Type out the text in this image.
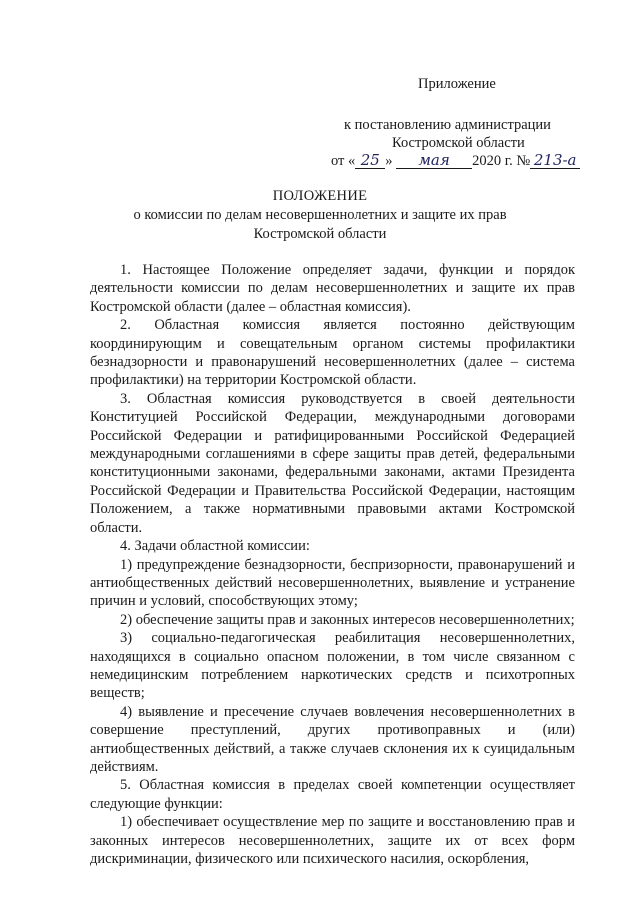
Приложение
к постановлению администрации
Костромской области
от « 25 » мая 2020 г. № 213-а
ПОЛОЖЕНИЕ
о комиссии по делам несовершеннолетних и защите их прав
Костромской области

1. Настоящее Положение определяет задачи, функции и порядок деятельности комиссии по делам несовершеннолетних и защите их прав Костромской области (далее – областная комиссия).

2. Областная комиссия является постоянно действующим координирующим и совещательным органом системы профилактики безнадзорности и правонарушений несовершеннолетних (далее – система профилактики) на территории Костромской области.

3. Областная комиссия руководствуется в своей деятельности Конституцией Российской Федерации, международными договорами Российской Федерации и ратифицированными Российской Федерацией международными соглашениями в сфере защиты прав детей, федеральными конституционными законами, федеральными законами, актами Президента Российской Федерации и Правительства Российской Федерации, настоящим Положением, а также нормативными правовыми актами Костромской области.

4. Задачи областной комиссии:

1) предупреждение безнадзорности, беспризорности, правонарушений и антиобщественных действий несовершеннолетних, выявление и устранение причин и условий, способствующих этому;

2) обеспечение защиты прав и законных интересов несовершеннолетних;

3) социально-педагогическая реабилитация несовершеннолетних, находящихся в социально опасном положении, в том числе связанном с немедицинским потреблением наркотических средств и психотропных веществ;

4) выявление и пресечение случаев вовлечения несовершеннолетних в совершение преступлений, других противоправных и (или) антиобщественных действий, а также случаев склонения их к суицидальным действиям.

5. Областная комиссия в пределах своей компетенции осуществляет следующие функции:

1) обеспечивает осуществление мер по защите и восстановлению прав и законных интересов несовершеннолетних, защите их от всех форм дискриминации, физического или психического насилия, оскорбления,
